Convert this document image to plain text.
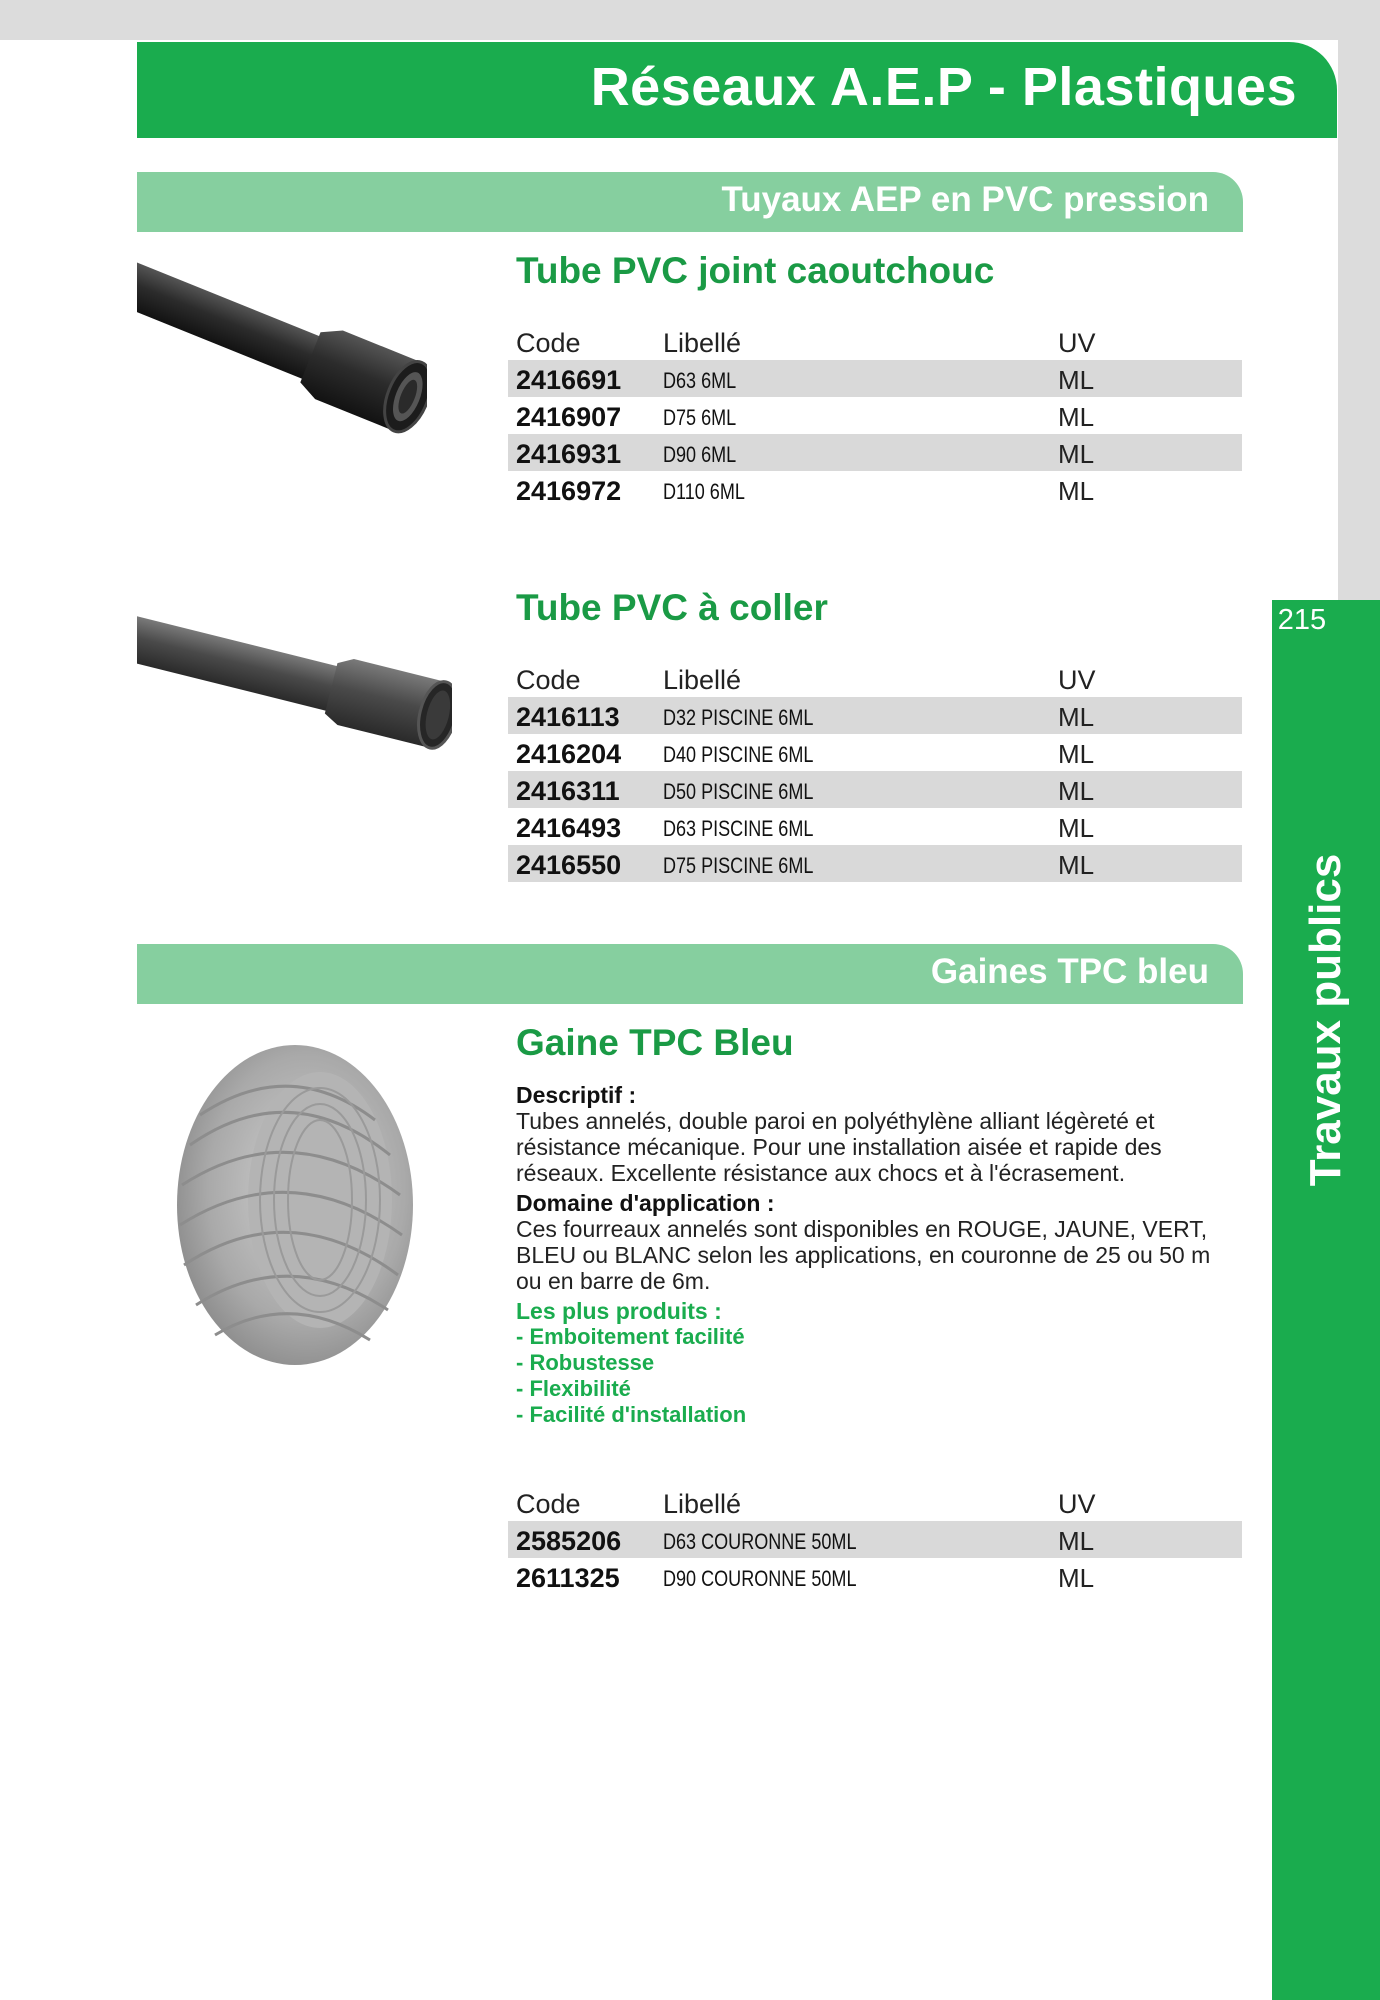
Réseaux A.E.P - Plastiques
Tuyaux AEP en PVC pression
Tube PVC joint caoutchouc
Code	Libellé	UV
2416691 D63 6ML	ML
2416907 D75 6ML	ML
2416931 D90 6ML	ML
2416972 D110 6ML	ML
Tube PVC à coller
Code	Libellé	UV
2416113 D32 PISCINE 6ML	ML
2416204 D40 PISCINE 6ML	ML
2416311 D50 PISCINE 6ML	ML
2416493 D63 PISCINE 6ML	ML
2416550 D75 PISCINE 6ML	ML
Gaines TPC bleu
Gaine TPC Bleu

Descriptif :

Tubes annelés, double paroi en polyéthylène alliant légèreté et résistance mécanique. Pour une installation aisée et rapide des réseaux. Excellente résistance aux chocs et à l'écrasement.

Domaine d'application :

Ces fourreaux annelés sont disponibles en ROUGE, JAUNE, VERT, BLEU ou BLANC selon les applications, en couronne de 25 ou 50 m ou en barre de 6m.

Les plus produits :

- Emboitement facilité
- Robustesse
- Flexibilité
- Facilité d'installation
Code	Libellé	UV
2585206 D63 COURONNE 50ML	ML
2611325 D90 COURONNE 50ML	ML

215

Travaux publics
